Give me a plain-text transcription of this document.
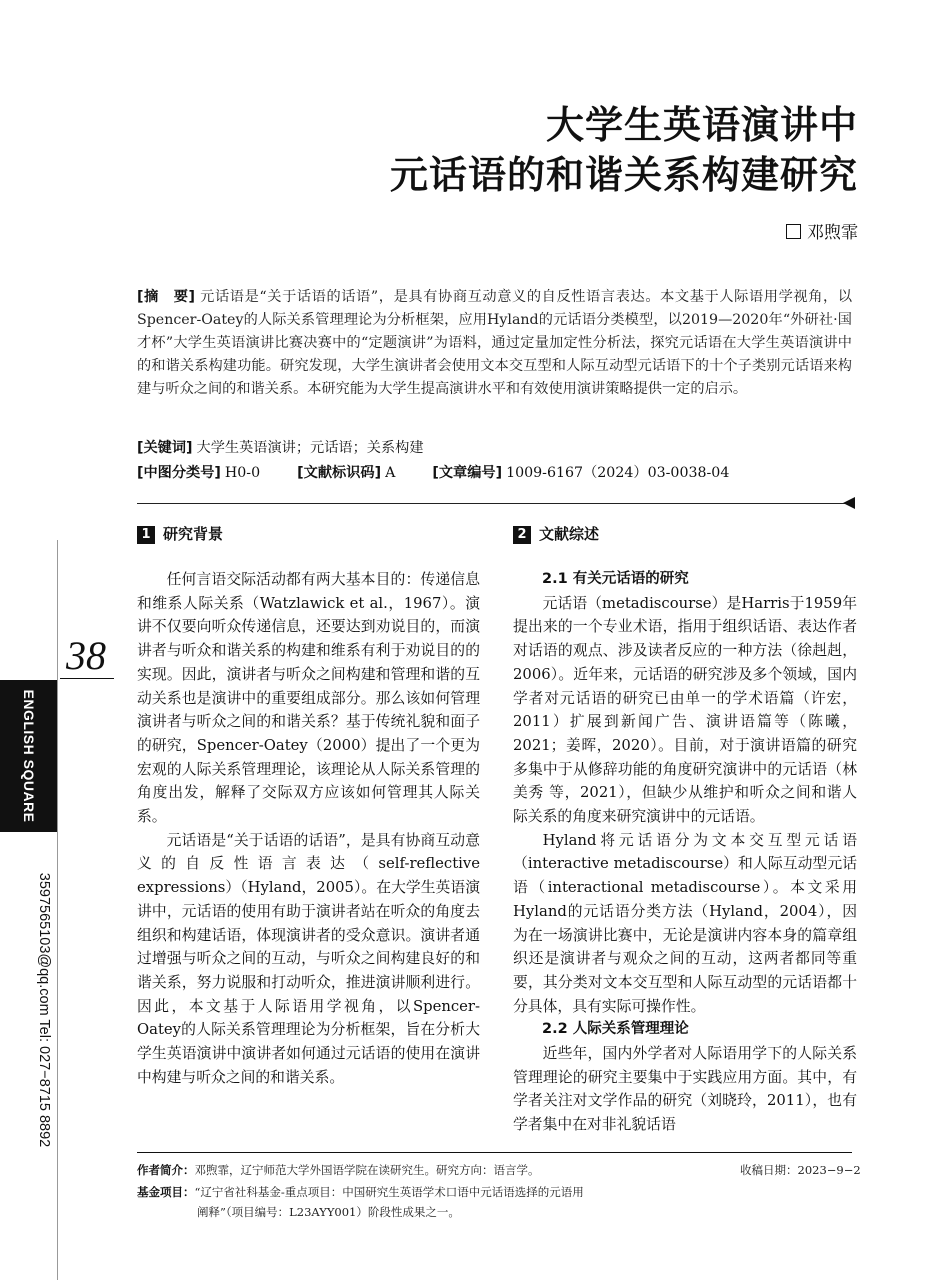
大学生英语演讲中
元话语的和谐关系构建研究
邓煦霏
[摘　要] 元话语是“关于话语的话语”，是具有协商互动意义的自反性语言表达。本文基于人际语用学视角，以Spencer-Oatey的人际关系管理理论为分析框架，应用Hyland的元话语分类模型，以2019—2020年“外研社·国才杯”大学生英语演讲比赛决赛中的“定题演讲”为语料，通过定量加定性分析法，探究元话语在大学生英语演讲中的和谐关系构建功能。研究发现，大学生演讲者会使用文本交互型和人际互动型元话语下的十个子类别元话语来构建与听众之间的和谐关系。本研究能为大学生提高演讲水平和有效使用演讲策略提供一定的启示。
[关键词] 大学生英语演讲；元话语；关系构建
[中图分类号] H0-0	[文献标识码] A	[文章编号] 1009-6167（2024）03-0038-04
38
ENGLISH SQUARE
3597565103@qq.com Tel: 027−8715 8892
1 研究背景

任何言语交际活动都有两大基本目的：传递信息和维系人际关系（Watzlawick et al.，1967）。演讲不仅要向听众传递信息，还要达到劝说目的，而演讲者与听众和谐关系的构建和维系有利于劝说目的的实现。因此，演讲者与听众之间构建和管理和谐的互动关系也是演讲中的重要组成部分。那么该如何管理演讲者与听众之间的和谐关系？基于传统礼貌和面子的研究，Spencer-Oatey（2000）提出了一个更为宏观的人际关系管理理论，该理论从人际关系管理的角度出发，解释了交际双方应该如何管理其人际关系。

元话语是“关于话语的话语”，是具有协商互动意义的自反性语言表达（self-reflective expressions）（Hyland，2005）。在大学生英语演讲中，元话语的使用有助于演讲者站在听众的角度去组织和构建话语，体现演讲者的受众意识。演讲者通过增强与听众之间的互动，与听众之间构建良好的和谐关系，努力说服和打动听众，推进演讲顺利进行。因此，本文基于人际语用学视角，以Spencer-Oatey的人际关系管理理论为分析框架，旨在分析大学生英语演讲中演讲者如何通过元话语的使用在演讲中构建与听众之间的和谐关系。

2 文献综述
2.1 有关元话语的研究

元话语（metadiscourse）是Harris于1959年提出来的一个专业术语，指用于组织话语、表达作者对话语的观点、涉及读者反应的一种方法（徐赳赳，2006）。近年来，元话语的研究涉及多个领域，国内学者对元话语的研究已由单一的学术语篇（许宏，2011）扩展到新闻广告、演讲语篇等（陈曦，2021；姜晖，2020）。目前，对于演讲语篇的研究多集中于从修辞功能的角度研究演讲中的元话语（林美秀 等，2021），但缺少从维护和听众之间和谐人际关系的角度来研究演讲中的元话语。

Hyland将元话语分为文本交互型元话语（interactive metadiscourse）和人际互动型元话语（interactional metadiscourse）。本文采用Hyland的元话语分类方法（Hyland，2004），因为在一场演讲比赛中，无论是演讲内容本身的篇章组织还是演讲者与观众之间的互动，这两者都同等重要，其分类对文本交互型和人际互动型的元话语都十分具体，具有实际可操作性。

2.2 人际关系管理理论

近些年，国内外学者对人际语用学下的人际关系管理理论的研究主要集中于实践应用方面。其中，有学者关注对文学作品的研究（刘晓玲，2011），也有学者集中在对非礼貌话语

作者简介：邓煦霏，辽宁师范大学外国语学院在读研究生。研究方向：语言学。	收稿日期：2023−9−2
基金项目：“辽宁省社科基金-重点项目：中国研究生英语学术口语中元话语选择的元语用
阐释”（项目编号：L23AYY001）阶段性成果之一。
